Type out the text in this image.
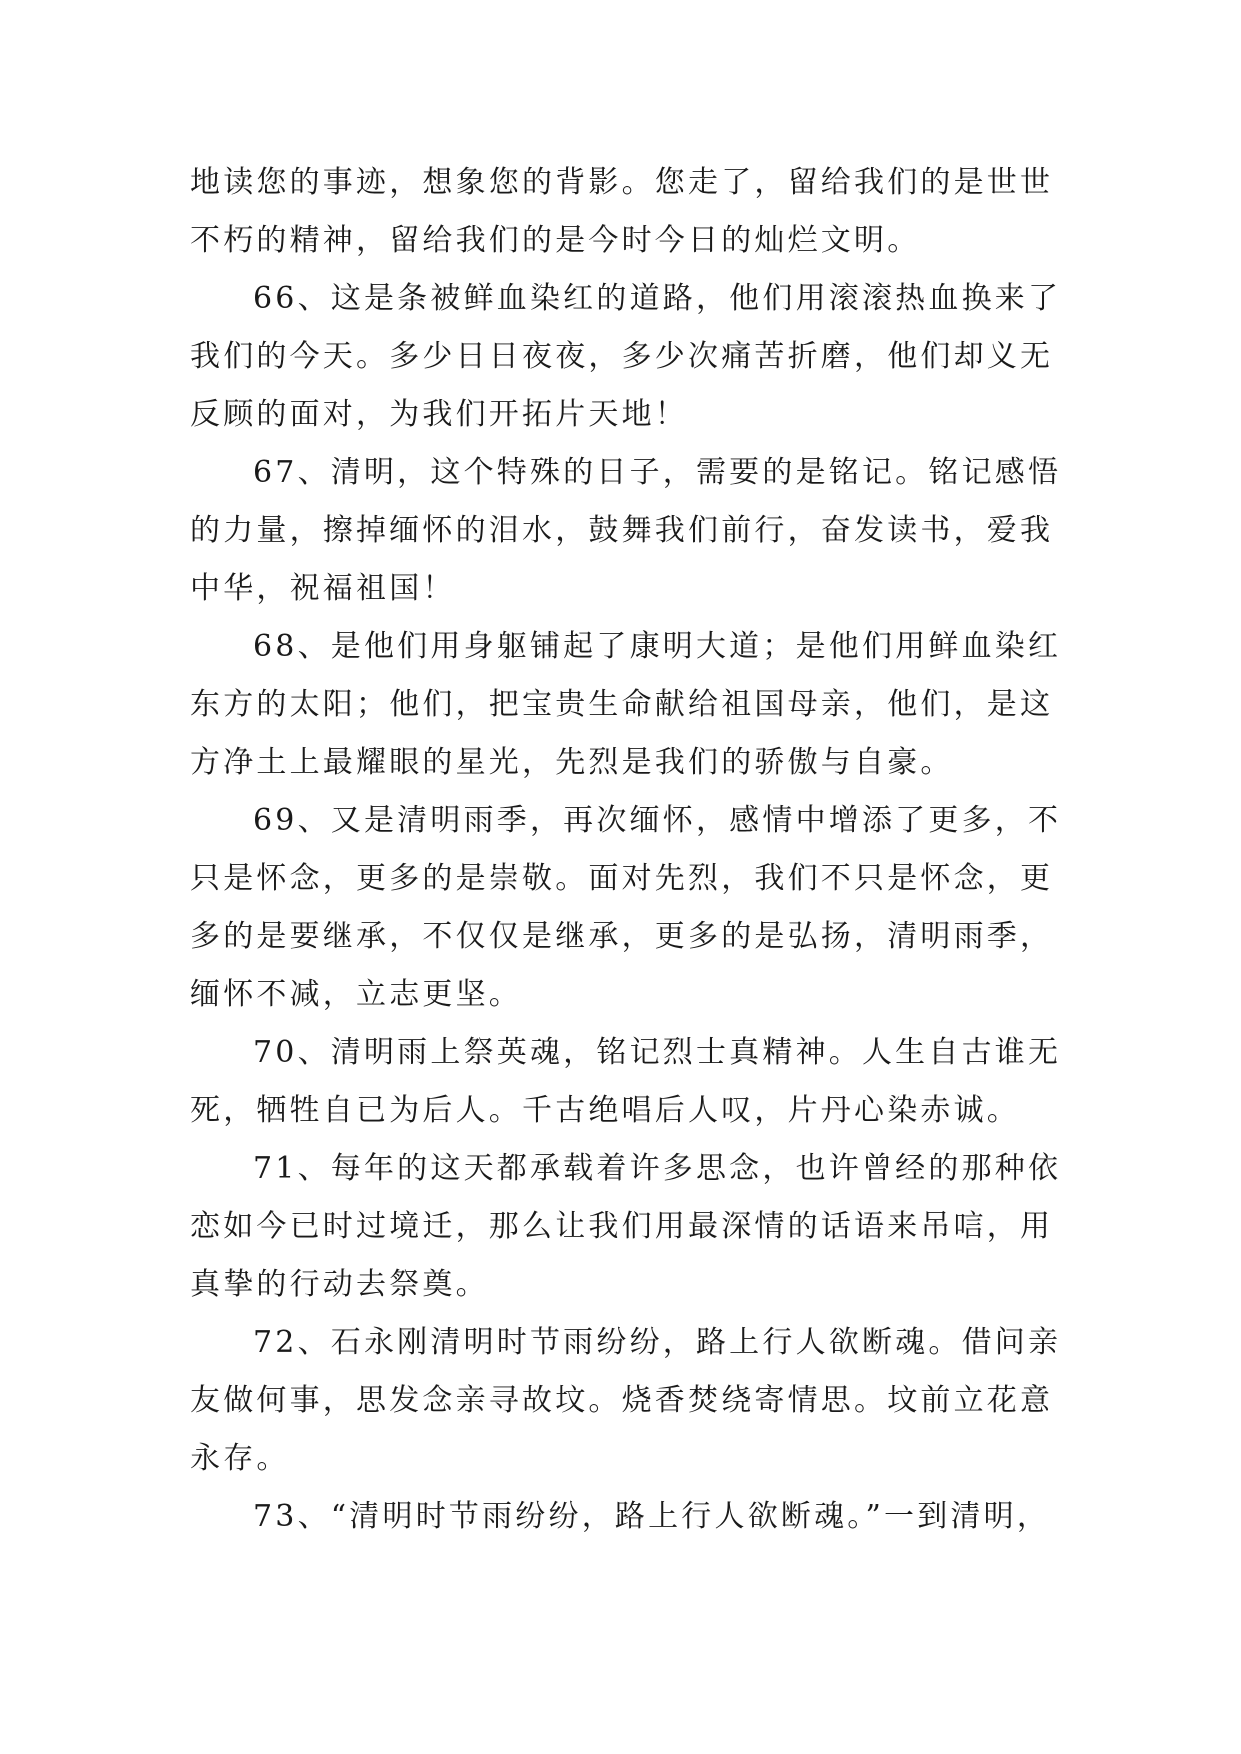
地读您的事迹，想象您的背影。您走了，留给我们的是世世
不朽的精神，留给我们的是今时今日的灿烂文明。
66、这是条被鲜血染红的道路，他们用滚滚热血换来了
我们的今天。多少日日夜夜，多少次痛苦折磨，他们却义无
反顾的面对，为我们开拓片天地！
67、清明，这个特殊的日子，需要的是铭记。铭记感悟
的力量，擦掉缅怀的泪水，鼓舞我们前行，奋发读书，爱我
中华，祝福祖国！
68、是他们用身躯铺起了康明大道；是他们用鲜血染红
东方的太阳；他们，把宝贵生命献给祖国母亲，他们，是这
方净土上最耀眼的星光，先烈是我们的骄傲与自豪。
69、又是清明雨季，再次缅怀，感情中增添了更多，不
只是怀念，更多的是崇敬。面对先烈，我们不只是怀念，更
多的是要继承，不仅仅是继承，更多的是弘扬，清明雨季，
缅怀不减，立志更坚。
70、清明雨上祭英魂，铭记烈士真精神。人生自古谁无
死，牺牲自已为后人。千古绝唱后人叹，片丹心染赤诚。
71、每年的这天都承载着许多思念，也许曾经的那种依
恋如今已时过境迁，那么让我们用最深情的话语来吊唁，用
真挚的行动去祭奠。
72、石永刚清明时节雨纷纷，路上行人欲断魂。借问亲
友做何事，思发念亲寻故坟。烧香焚绕寄情思。坟前立花意
永存。
73、“清明时节雨纷纷，路上行人欲断魂。”一到清明，
